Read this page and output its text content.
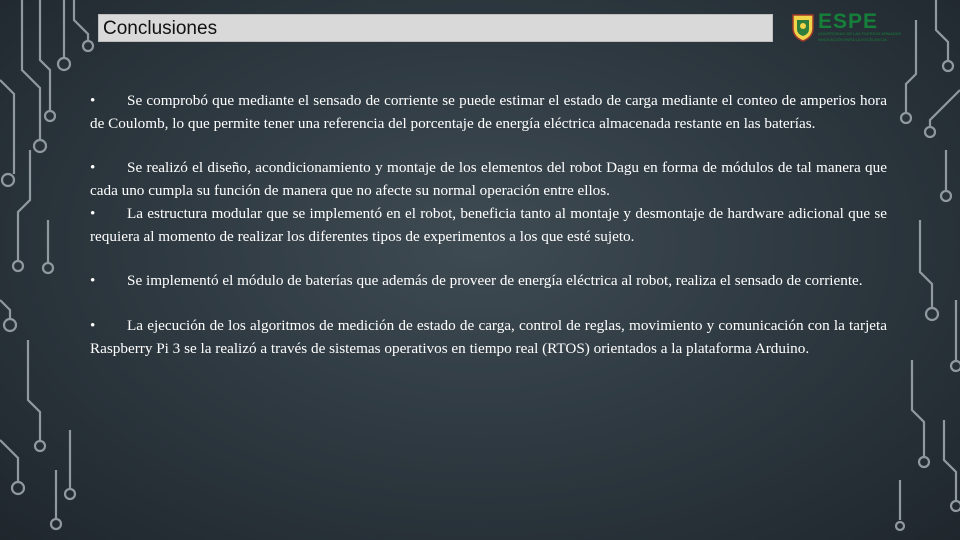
Conclusiones	ESPE
UNIVERSIDAD DE LAS FUERZAS ARMADAS
INNOVACIÓN PARA LA EXCELENCIA

• Se comprobó que mediante el sensado de corriente se puede estimar el estado de carga mediante el conteo de amperios hora de Coulomb, lo que permite tener una referencia del porcentaje de energía eléctrica almacenada restante en las baterías.

• Se realizó el diseño, acondicionamiento y montaje de los elementos del robot Dagu en forma de módulos de tal manera que cada uno cumpla su función de manera que no afecte su normal operación entre ellos.

• La estructura modular que se implementó en el robot, beneficia tanto al montaje y desmontaje de hardware adicional que se requiera al momento de realizar los diferentes tipos de experimentos a los que esté sujeto.

• Se implementó el módulo de baterías que además de proveer de energía eléctrica al robot, realiza el sensado de corriente.

• La ejecución de los algoritmos de medición de estado de carga, control de reglas, movimiento y comunicación con la tarjeta Raspberry Pi 3 se la realizó a través de sistemas operativos en tiempo real (RTOS) orientados a la plataforma Arduino.
